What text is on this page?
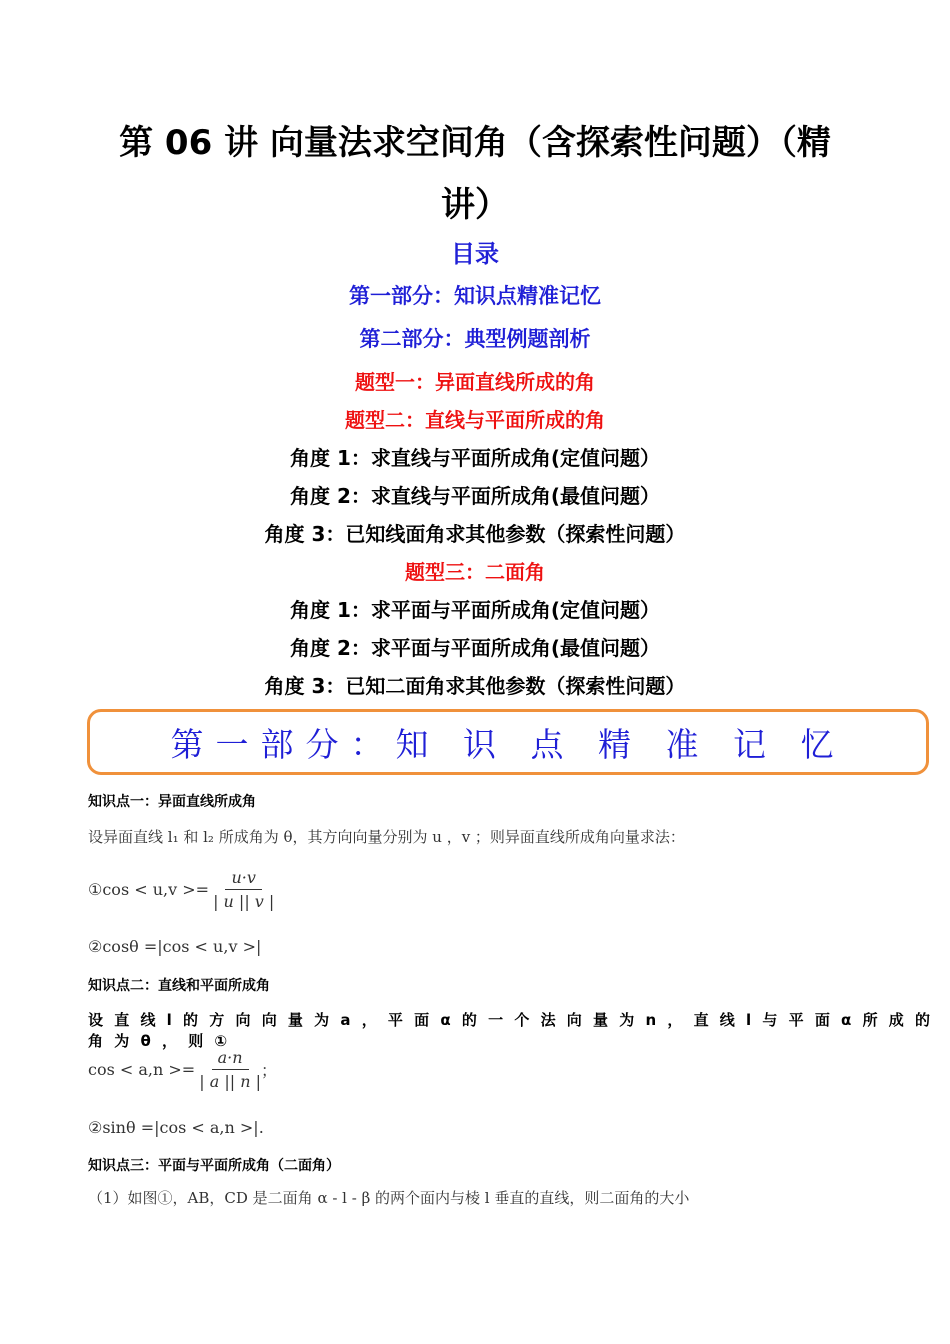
第 06 讲 向量法求空间角（含探索性问题）（精
讲）
目录
第一部分：知识点精准记忆
第二部分：典型例题剖析
题型一：异面直线所成的角
题型二：直线与平面所成的角
角度 1：求直线与平面所成角(定值问题）
角度 2：求直线与平面所成角(最值问题）
角度 3：已知线面角求其他参数（探索性问题）
题型三：二面角
角度 1：求平面与平面所成角(定值问题）
角度 2：求平面与平面所成角(最值问题）
角度 3：已知二面角求其他参数（探索性问题）
第一部分：知 识 点 精 准 记 忆
知识点一：异面直线所成角
设异面直线 l₁ 和 l₂ 所成角为 θ，其方向向量分别为 u ，v ；则异面直线所成角向量求法：
①cos < $u,v >= \frac{u\cdot v}{| u || v |}$
②cosθ =|cos < u,v >|
知识点二：直线和平面所成角
设 直 线 l 的 方 向 向 量 为 a ， 平 面 α 的 一 个 法 向 量 为 n ， 直 线 l 与 平 面 α 所 成 的 角 为 θ ， 则 ①
$\cos < a,n >= \frac{a\cdot n}{| a || n |}$ ；
②sinθ =|cos < a,n >|.
知识点三：平面与平面所成角（二面角）
（1）如图①，AB，CD 是二面角 α - l - β 的两个面内与棱 l 垂直的直线，则二面角的大小
